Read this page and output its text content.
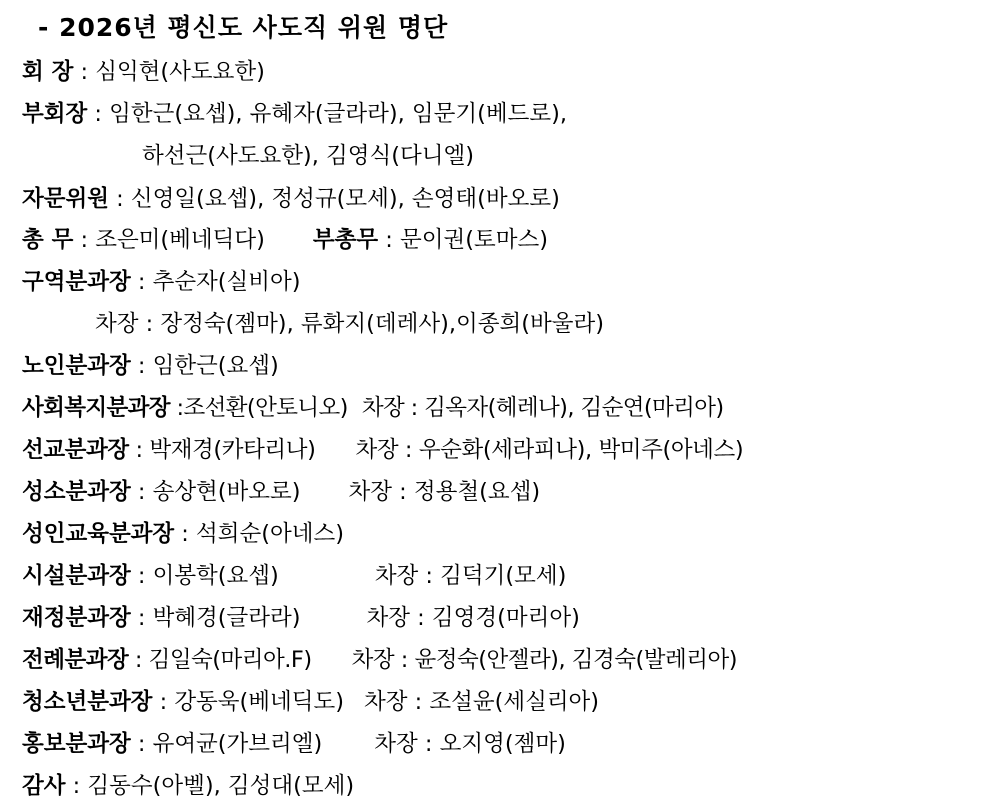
- 2026년 평신도 사도직 위원 명단
회 장 : 심익현(사도요한)
부회장 : 임한근(요셉), 유혜자(글라라), 임문기(베드로),
하선근(사도요한), 김영식(다니엘)
자문위원 : 신영일(요셉), 정성규(모세), 손영태(바오로)
총 무 : 조은미(베네딕다) 부총무 : 문이권(토마스)
구역분과장 : 추순자(실비아)
차장 : 장정숙(젬마), 류화지(데레사),이종희(바울라)
노인분과장 : 임한근(요셉)
사회복지분과장 :조선환(안토니오) 차장 : 김옥자(헤레나), 김순연(마리아)
선교분과장 : 박재경(카타리나) 차장 : 우순화(세라피나), 박미주(아네스)
성소분과장 : 송상현(바오로) 차장 : 정용철(요셉)
성인교육분과장 : 석희순(아네스)
시설분과장 : 이봉학(요셉)	차장 : 김덕기(모세)
재정분과장 : 박혜경(글라라)	차장 : 김영경(마리아)
전례분과장 : 김일숙(마리아.F) 차장 : 윤정숙(안젤라), 김경숙(발레리아)
청소년분과장 : 강동욱(베네딕도) 차장 : 조설윤(세실리아)
홍보분과장 : 유여균(가브리엘) 차장 : 오지영(젬마)
감사 : 김동수(아벨), 김성대(모세)
